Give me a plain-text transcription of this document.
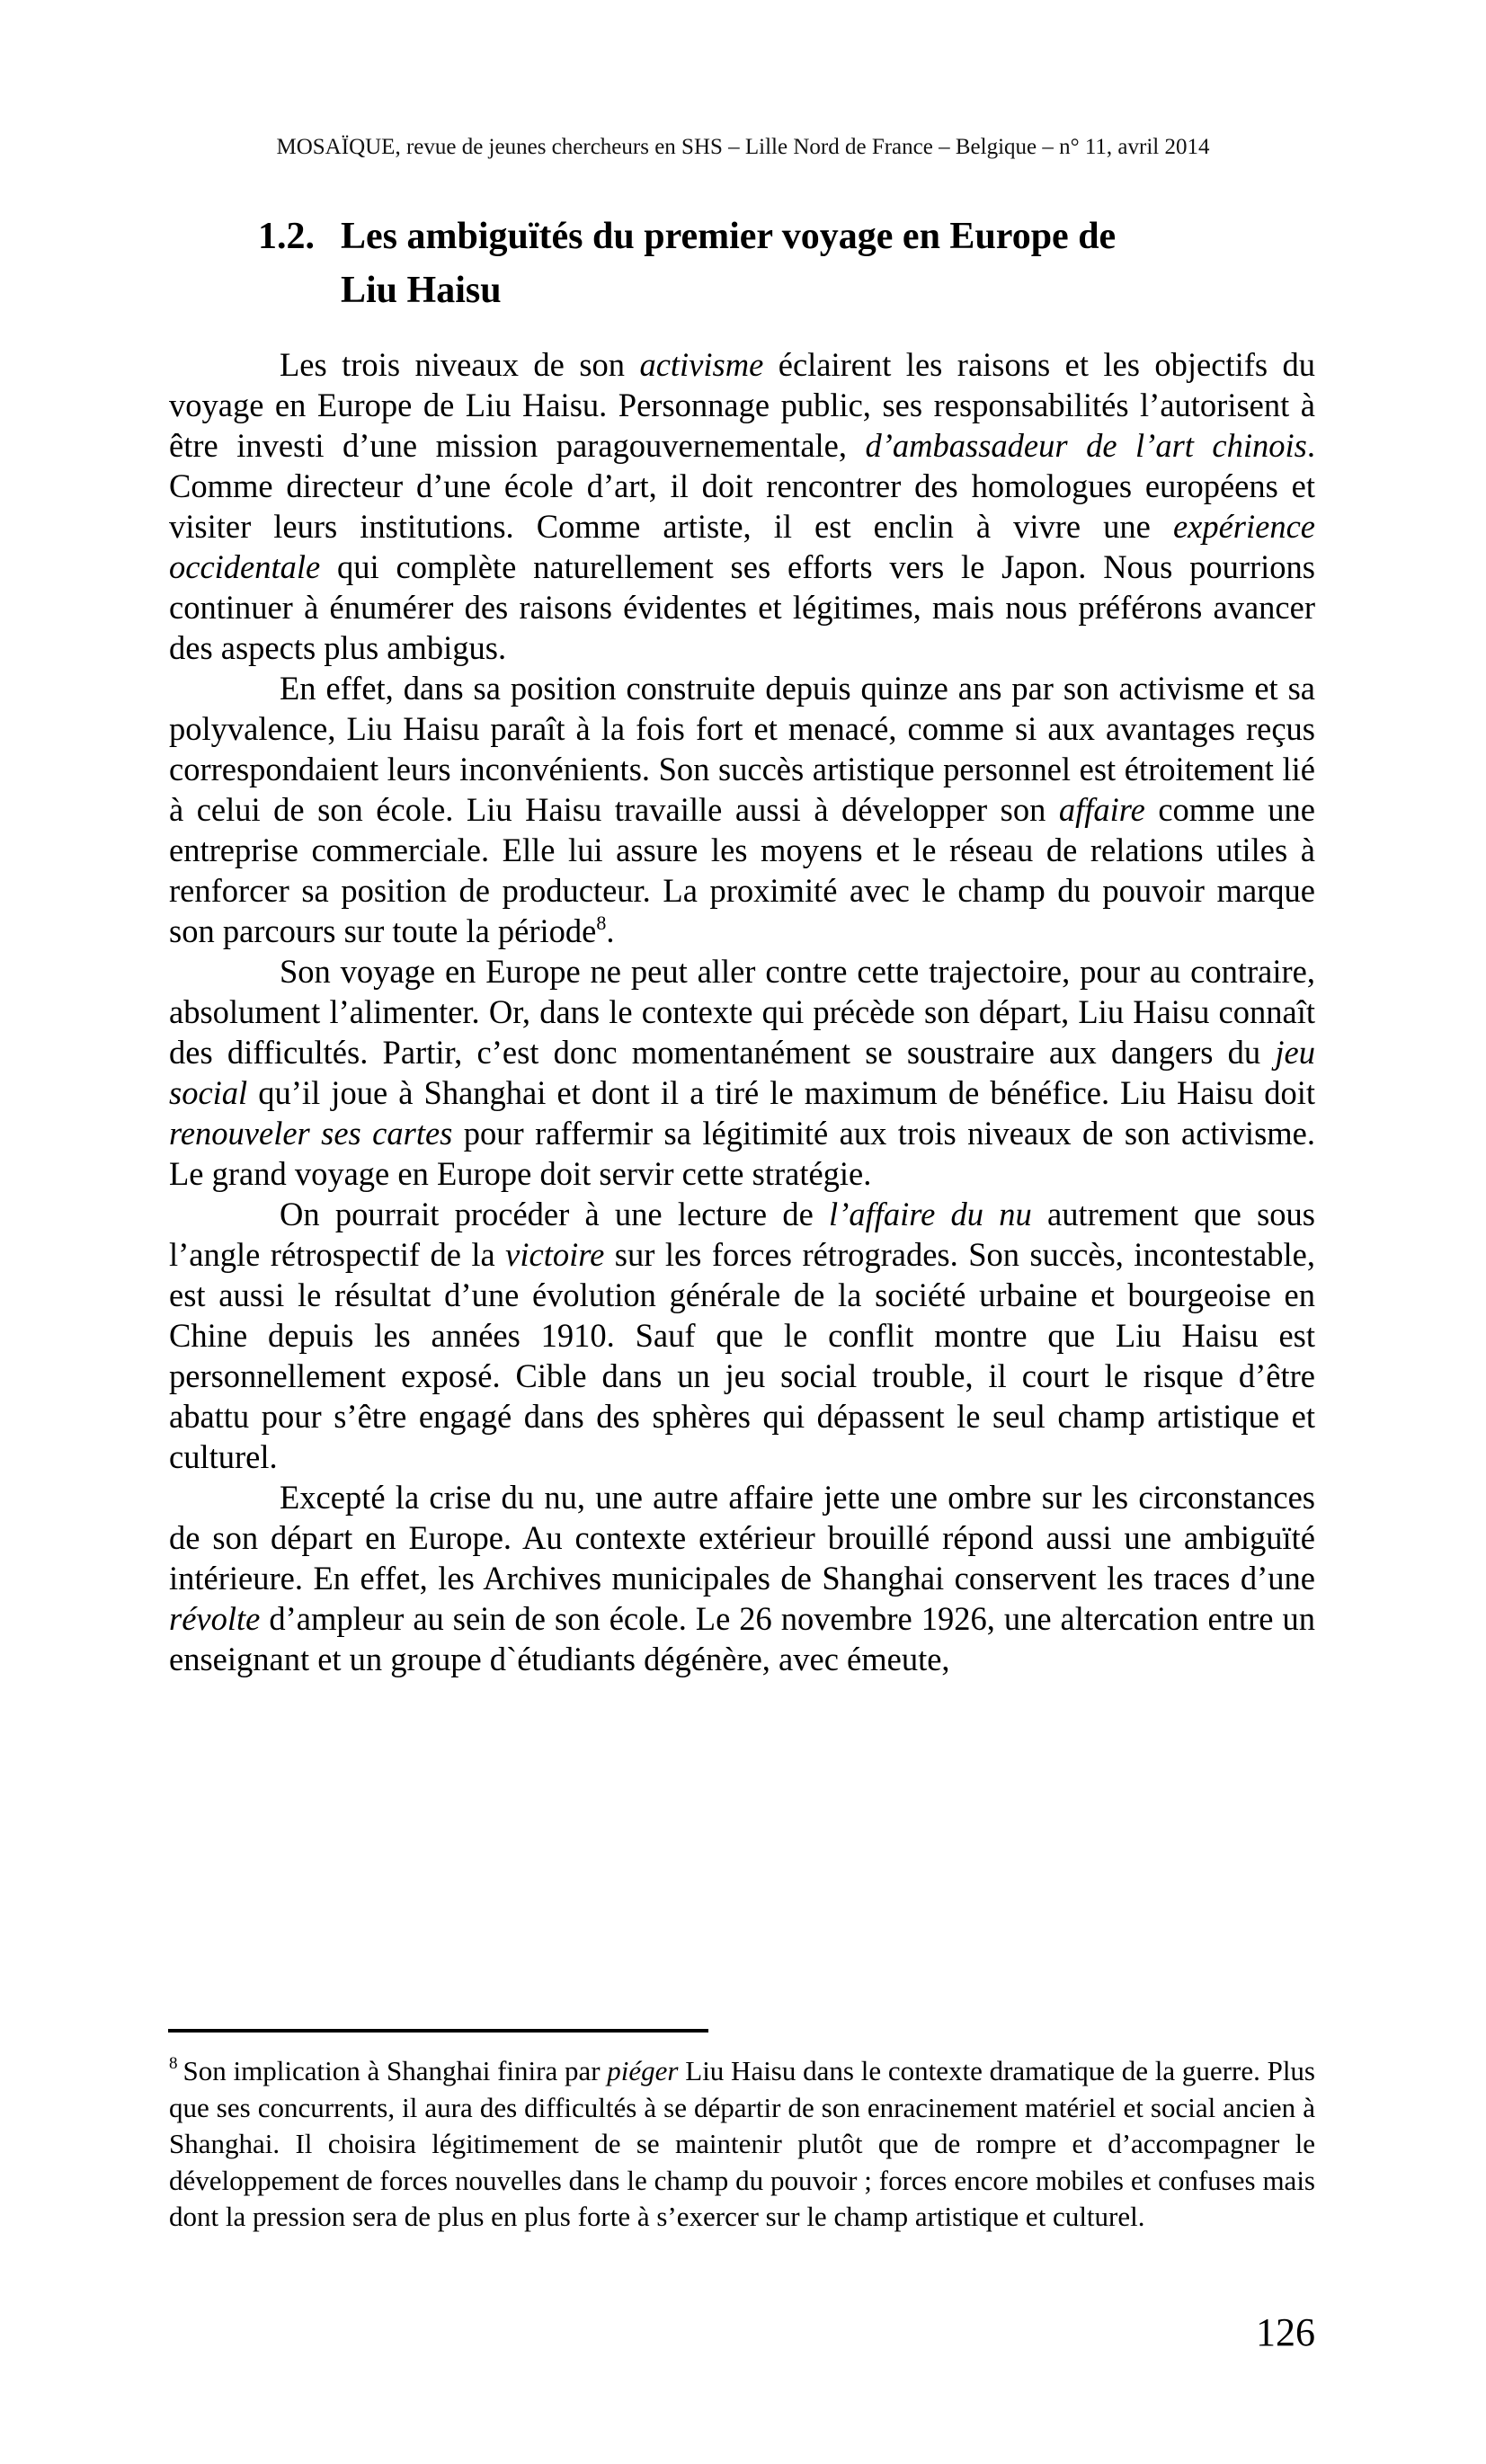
MOSAÏQUE, revue de jeunes chercheurs en SHS – Lille Nord de France – Belgique – n° 11, avril 2014
1.2. Les ambiguïtés du premier voyage en Europe de
Liu Haisu

Les trois niveaux de son activisme éclairent les raisons et les objectifs du voyage en Europe de Liu Haisu. Personnage public, ses responsabilités l’autorisent à être investi d’une mission paragouvernementale, d’ambassadeur de l’art chinois. Comme directeur d’une école d’art, il doit rencontrer des homologues européens et visiter leurs institutions. Comme artiste, il est enclin à vivre une expérience occidentale qui complète naturellement ses efforts vers le Japon. Nous pourrions continuer à énumérer des raisons évidentes et légitimes, mais nous préférons avancer des aspects plus ambigus.

En effet, dans sa position construite depuis quinze ans par son activisme et sa polyvalence, Liu Haisu paraît à la fois fort et menacé, comme si aux avantages reçus correspondaient leurs inconvénients. Son succès artistique personnel est étroitement lié à celui de son école. Liu Haisu travaille aussi à développer son affaire comme une entreprise commerciale. Elle lui assure les moyens et le réseau de relations utiles à renforcer sa position de producteur. La proximité avec le champ du pouvoir marque son parcours sur toute la période$^8$.

Son voyage en Europe ne peut aller contre cette trajectoire, pour au contraire, absolument l’alimenter. Or, dans le contexte qui précède son départ, Liu Haisu connaît des difficultés. Partir, c’est donc momentanément se soustraire aux dangers du jeu social qu’il joue à Shanghai et dont il a tiré le maximum de bénéfice. Liu Haisu doit renouveler ses cartes pour raffermir sa légitimité aux trois niveaux de son activisme. Le grand voyage en Europe doit servir cette stratégie.

On pourrait procéder à une lecture de l’affaire du nu autrement que sous l’angle rétrospectif de la victoire sur les forces rétrogrades. Son succès, incontestable, est aussi le résultat d’une évolution générale de la société urbaine et bourgeoise en Chine depuis les années 1910. Sauf que le conflit montre que Liu Haisu est personnellement exposé. Cible dans un jeu social trouble, il court le risque d’être abattu pour s’être engagé dans des sphères qui dépassent le seul champ artistique et culturel.

Excepté la crise du nu, une autre affaire jette une ombre sur les circonstances de son départ en Europe. Au contexte extérieur brouillé répond aussi une ambiguïté intérieure. En effet, les Archives municipales de Shanghai conservent les traces d’une révolte d’ampleur au sein de son école. Le 26 novembre 1926, une altercation entre un enseignant et un groupe d`étudiants dégénère, avec émeute,

$^8$ Son implication à Shanghai finira par piéger Liu Haisu dans le contexte dramatique de la guerre. Plus que ses concurrents, il aura des difficultés à se départir de son enracinement matériel et social ancien à Shanghai. Il choisira légitimement de se maintenir plutôt que de rompre et d’accompagner le développement de forces nouvelles dans le champ du pouvoir ; forces encore mobiles et confuses mais dont la pression sera de plus en plus forte à s’exercer sur le champ artistique et culturel.

126
